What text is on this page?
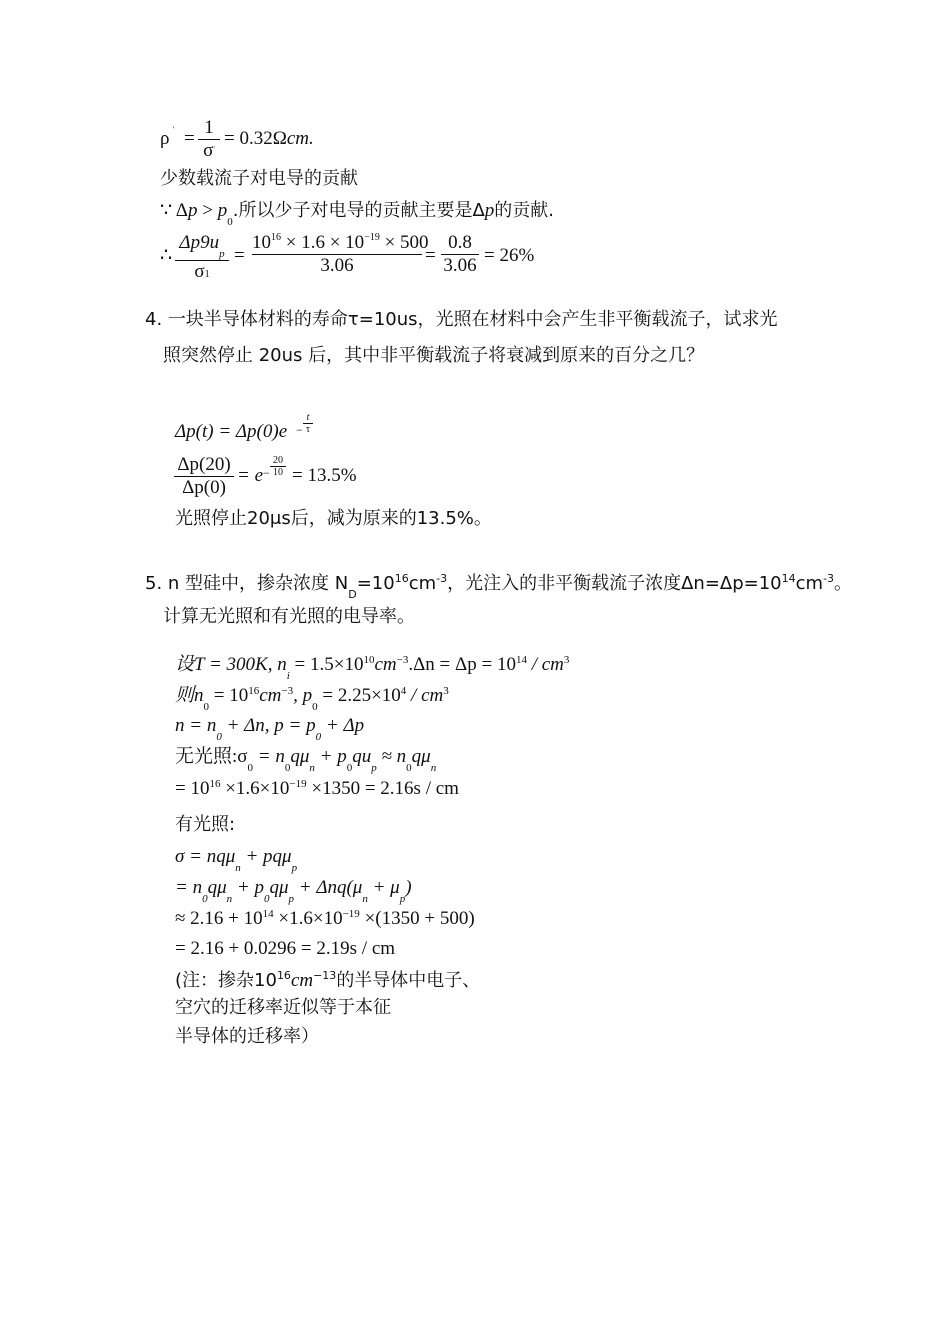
ρ ' =
1
σ'
= 0.32Ωcm.
少数载流子对电导的贡献
∵ $\Delta p > p_0$.所以少子对电导的贡献主要是Δp的贡献.
∴
$\Delta p9u_p$
σ1
=
$10^{16} \times 1.6 \times 10^{-19} \times 500$
3.06	=
0.8
3.06 = 26%
4. 一块半导体材料的寿命τ=10us，光照在材料中会产生非平衡载流子，试求光
照突然停止 20us 后，其中非平衡载流子将衰减到原来的百分之几？
Δp(t) = Δp(0)e −
t
τ
Δp(20)
Δp(0)
= e −
20
10 = 13.5%
光照停止20μs后，减为原来的13.5%。
5. n 型硅中，掺杂浓度 $N_D=10^{16}cm^{-3}$，光注入的非平衡载流子浓度$\Delta n=\Delta p=10^{14}cm^{-3}$。
计算无光照和有光照的电导率。
设T = 300K, $n_i = 1.5\times 10^{10}cm^{-3}.\Delta n = \Delta p = 10^{14} / cm^3$
则$n_0 = 10^{16}cm^{-3}$, $p_0 = 2.25\times 10^4 / cm^3$
$n = n_0 + \Delta n$, $p = p_0 + \Delta p$
无光照$:\sigma_0 = n_0q\mu_n + p_0qu_p \approx n_0q\mu_n$
= $10^{16} \times 1.6\times 10^{-19} \times 1350 = 2.16s$ / cm
有光照:
σ = nqμ$_n$ + pqμ$_p$
= $n_0q\mu_n + p_0q\mu_p + \Delta nq(\mu_n + \mu_p)$
≈ $2.16 + 10^{14} \times 1.6\times 10^{-19} \times(1350 + 500)$
= 2.16 + 0.0296 = 2.19s / cm
(注：掺杂$10^{16}cm^{-13}$的半导体中电子、
空穴的迁移率近似等于本征
半导体的迁移率）
